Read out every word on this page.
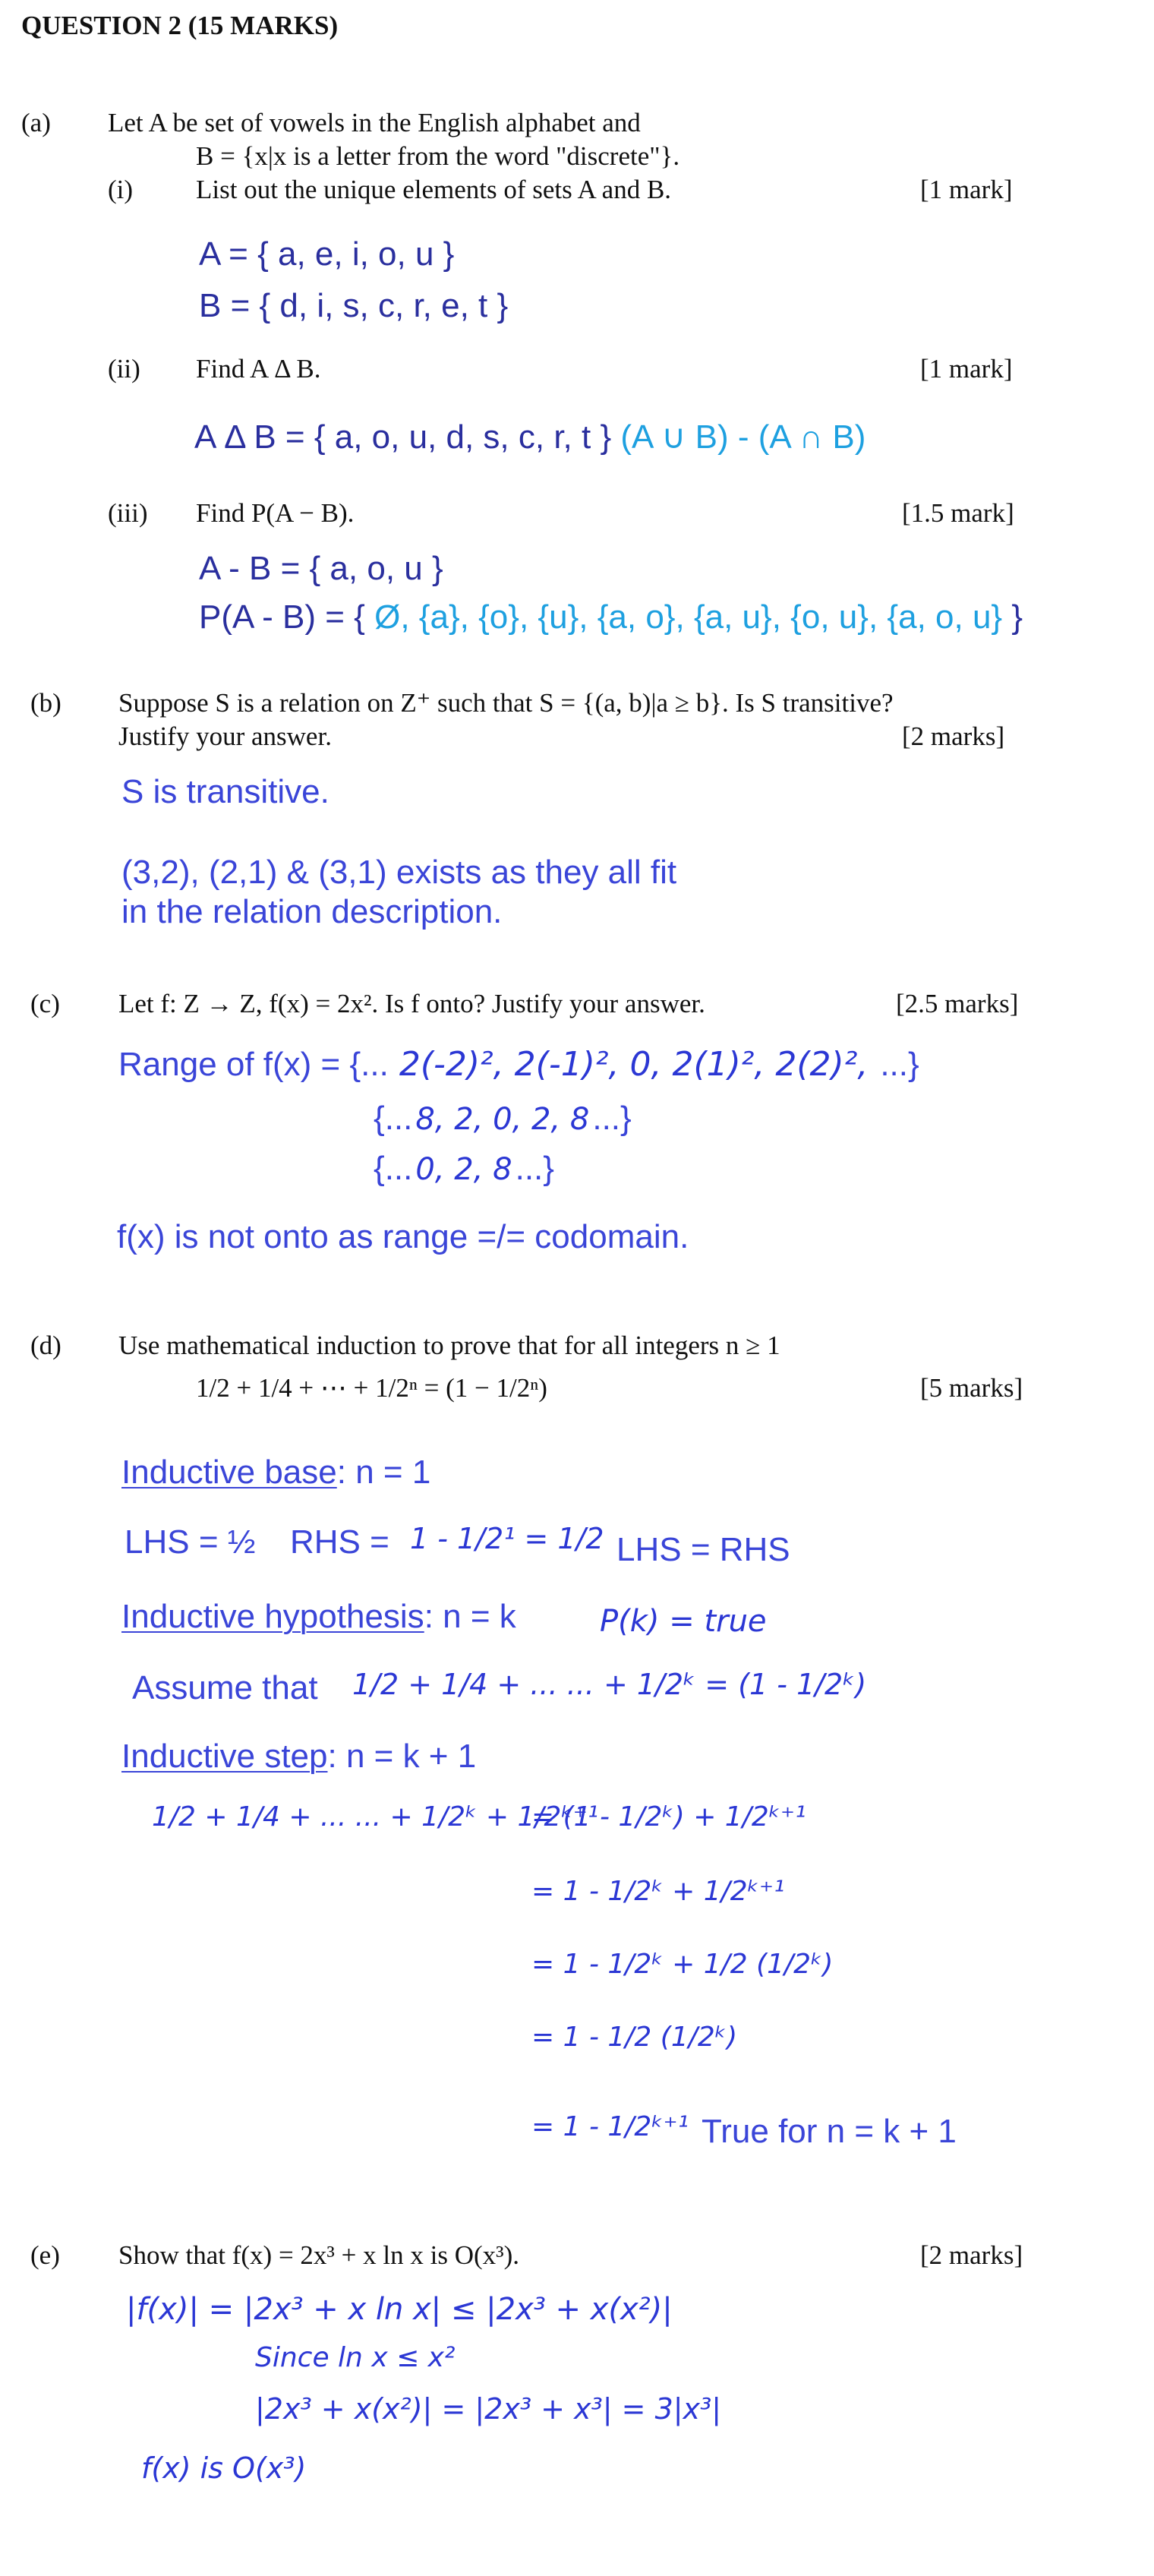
QUESTION 2 (15 MARKS)
(a) Let A be set of vowels in the English alphabet and
B = {x|x is a letter from the word "discrete"}.
(i) List out the unique elements of sets A and B.	[1 mark]
A = { a, e, i, o, u }
B = { d, i, s, c, r, e, t }
(ii) Find A Δ B.	[1 mark]
A Δ B = { a, o, u, d, s, c, r, t } (A ∪ B) - (A ∩ B)
(iii) Find P(A − B).	[1.5 mark]
A - B = { a, o, u }
P(A - B) = { Ø, {a}, {o}, {u}, {a, o}, {a, u}, {o, u}, {a, o, u} }
(b) Suppose S is a relation on Z⁺ such that S = {(a, b)|a ≥ b}. Is S transitive?
Justify your answer.	[2 marks]
S is transitive.
(3,2), (2,1) & (3,1) exists as they all fit
in the relation description.
(c) Let f: Z → Z, f(x) = 2x². Is f onto? Justify your answer.	[2.5 marks]
Range of f(x) = {... 2(-2)², 2(-1)², 0, 2(1)², 2(2)², ...}
{... 8, 2, 0, 2, 8 ...}
{... 0, 2, 8 ...}
f(x) is not onto as range =/= codomain.
(d) Use mathematical induction to prove that for all integers n ≥ 1
1/2 + 1/4 + ⋯ + 1/2ⁿ = (1 − 1/2ⁿ)	[5 marks]
Inductive base: n = 1
LHS = ½ RHS = 1 - 1/2¹ = 1/2 LHS = RHS
Inductive hypothesis: n = k	P(k) = true
Assume that 1/2 + 1/4 + ... ... + 1/2ᵏ = (1 - 1/2ᵏ)
Inductive step: n = k + 1
1/2 + 1/4 + ... ... + 1/2ᵏ + 1/2ᵏ⁺¹
= (1 - 1/2ᵏ) + 1/2ᵏ⁺¹
= 1 - 1/2ᵏ + 1/2ᵏ⁺¹
= 1 - 1/2ᵏ + 1/2 (1/2ᵏ)
= 1 - 1/2 (1/2ᵏ)
= 1 - 1/2ᵏ⁺¹ True for n = k + 1
(e) Show that f(x) = 2x³ + x ln x is O(x³).	[2 marks]
|f(x)| = |2x³ + x ln x| ≤ |2x³ + x(x²)|
Since ln x ≤ x²
|2x³ + x(x²)| = |2x³ + x³| = 3|x³|
f(x) is O(x³)
